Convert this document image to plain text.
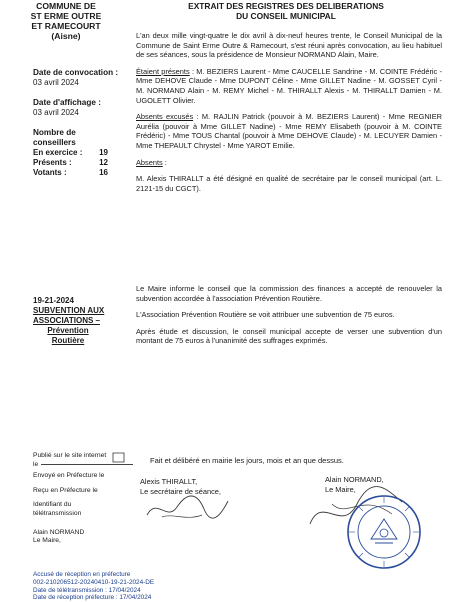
COMMUNE DE
ST ERME OUTRE
ET RAMECOURT
(Aisne)
EXTRAIT DES REGISTRES DES DELIBERATIONS
DU CONSEIL MUNICIPAL
Date de convocation :
03 avril 2024
Date d'affichage :
03 avril 2024
Nombre de
conseillers
En exercice : 19
Présents :	12
Votants :	16
L'an deux mille vingt-quatre le dix avril à dix-neuf heures trente, le Conseil Municipal de la Commune de Saint Erme Outre & Ramecourt, s'est réuni après convocation, au lieu habituel de ses séances, sous la présidence de Monsieur NORMAND Alain, Maire.
Étaient présents : M. BEZIERS Laurent - Mme CAUCELLE Sandrine - M. COINTE Frédéric - Mme DEHOVE Claude - Mme DUPONT Céline - Mme GILLET Nadine - M. GOSSET Cyril - M. NORMAND Alain - M. REMY Michel - M. THIRALLT Alexis - M. THIRALLT Damien - M. UGOLETT Olivier.
Absents excusés : M. RAJLIN Patrick (pouvoir à M. BEZIERS Laurent) - Mme REGNIER Aurélia (pouvoir à Mme GILLET Nadine) - Mme REMY Elisabeth (pouvoir à M. COINTE Frédéric) - Mme TOUS Chantal (pouvoir à Mme DEHOVE Claude) - M. LECUYER Damien - Mme THEPAULT Chrystel - Mme YAROT Emilie.
Absents :
M. Alexis THIRALLT a été désigné en qualité de secrétaire par le conseil municipal (art. L. 2121-15 du CGCT).
19-21-2024
SUBVENTION AUX
ASSOCIATIONS –
Prévention
Routière
Le Maire informe le conseil que la commission des finances a accepté de renouveler la subvention accordée à l'association Prévention Routière.
L'Association Prévention Routière se voit attribuer une subvention de 75 euros.
Après étude et discussion, le conseil municipal accepte de verser une subvention d'un montant de 75 euros à l'unanimité des suffrages exprimés.
Publié sur le site internet
le
Envoyé en Préfecture le
Reçu en Préfecture le
Identifiant du
télétransmission
Alain NORMAND
Le Maire,
Fait et délibéré en mairie les jours, mois et an que dessus.
Alexis THIRALLT,
Le secrétaire de séance,
Alain NORMAND,
Le Maire,
Accusé de réception en préfecture
002-210206512-20240410-19-21-2024-DE
Date de télétransmission : 17/04/2024
Date de réception préfecture : 17/04/2024
